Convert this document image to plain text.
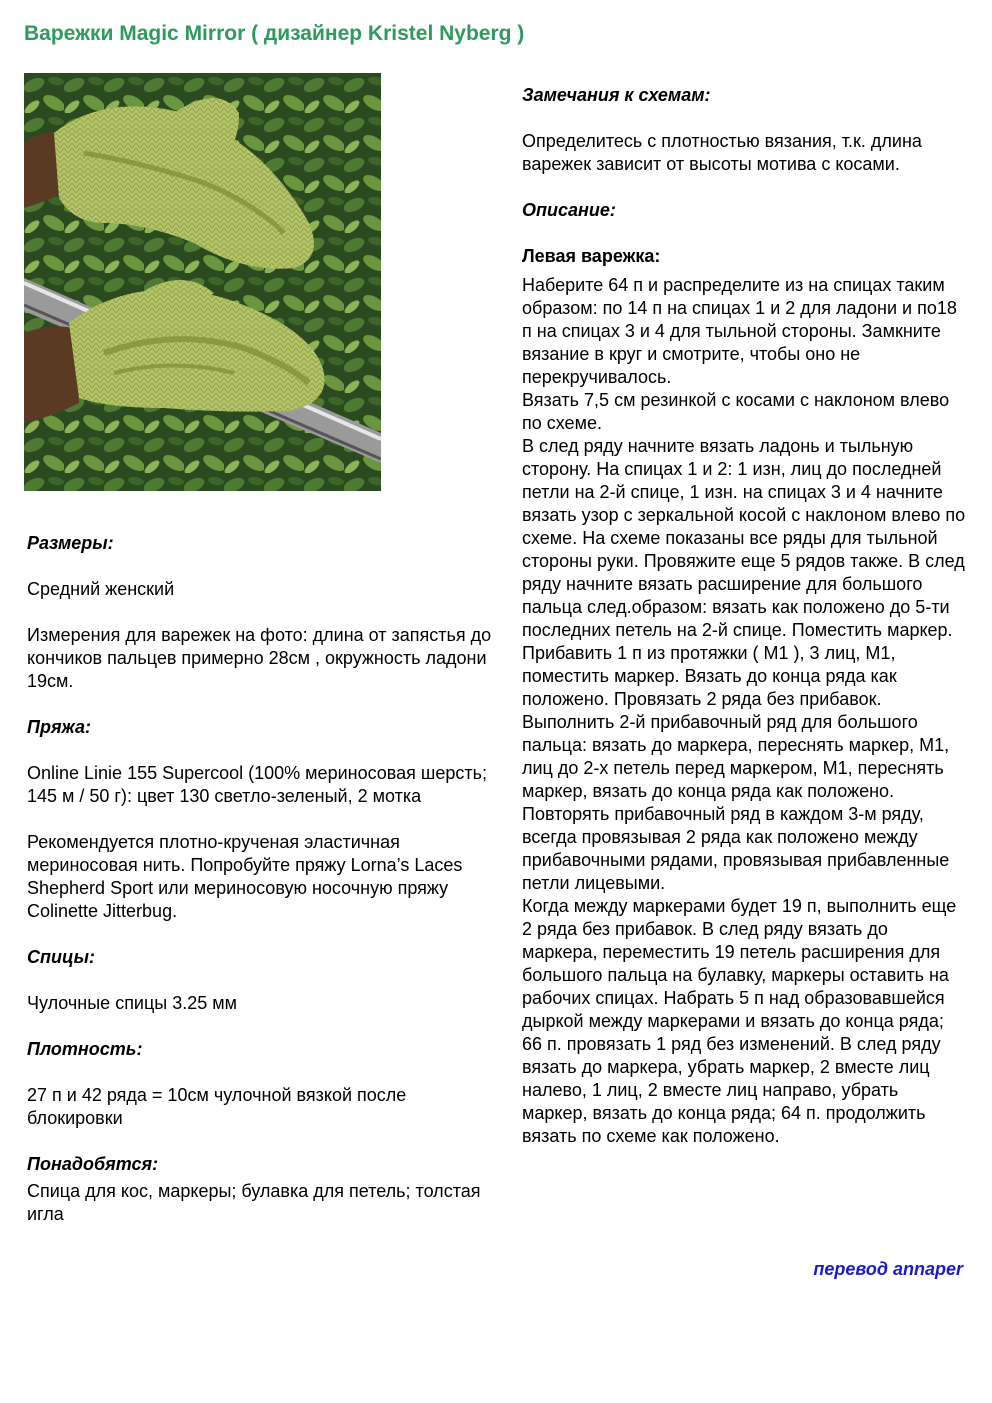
Варежки Magic Mirror ( дизайнер Kristel Nyberg )

Размеры:

Средний женский

Измерения для варежек на фото: длина от запястья до кончиков пальцев примерно 28см , окружность ладони 19см.

Пряжа:

Online Linie 155 Supercool (100% мериносовая шерсть; 145 м / 50 г): цвет 130 светло-зеленый, 2 мотка

Рекомендуется плотно-крученая эластичная мериносовая нить. Попробуйте пряжу Lorna’s Laces Shepherd Sport или мериносовую носочную пряжу Colinette Jitterbug.

Спицы:

Чулочные спицы 3.25 мм

Плотность:

27 п и 42 ряда = 10см чулочной вязкой после блокировки

Понадобятся:

Спица для кос, маркеры; булавка для петель; толстая игла

Замечания к схемам:

Определитесь с плотностью вязания, т.к. длина варежек зависит от высоты мотива с косами.

Описание:

Левая варежка:

Наберите 64 п и распределите из на спицах таким образом: по 14 п на спицах 1 и 2 для ладони и по18 п на спицах 3 и 4 для тыльной стороны. Замкните вязание в круг и смотрите, чтобы оно не перекручивалось.

Вязать 7,5 см резинкой с косами с наклоном влево по схеме.

В след ряду начните вязать ладонь и тыльную сторону. На спицах 1 и 2: 1 изн, лиц до последней петли на 2-й спице, 1 изн. на спицах 3 и 4 начните вязать узор с зеркальной косой с наклоном влево по схеме. На схеме показаны все ряды для тыльной стороны руки. Провяжите еще 5 рядов также. В след ряду начните вязать расширение для большого пальца след.образом: вязать как положено до 5-ти последних петель на 2-й спице. Поместить маркер. Прибавить 1 п из протяжки ( М1 ), 3 лиц, М1, поместить маркер. Вязать до конца ряда как положено. Провязать 2 ряда без прибавок. Выполнить 2-й прибавочный ряд для большого пальца: вязать до маркера, переснять маркер, М1, лиц до 2-х петель перед маркером, М1, переснять маркер, вязать до конца ряда как положено.

Повторять прибавочный ряд в каждом 3-м ряду, всегда провязывая 2 ряда как положено между прибавочными рядами, провязывая прибавленные петли лицевыми.

Когда между маркерами будет 19 п, выполнить еще 2 ряда без прибавок. В след ряду вязать до маркера, переместить 19 петель расширения для большого пальца на булавку, маркеры оставить на рабочих спицах. Набрать 5 п над образовавшейся дыркой между маркерами и вязать до конца ряда; 66 п. провязать 1 ряд без изменений. В след ряду вязать до маркера, убрать маркер, 2 вместе лиц налево, 1 лиц, 2 вместе лиц направо, убрать маркер, вязать до конца ряда; 64 п. продолжить вязать по схеме как положено.

перевод annaper
